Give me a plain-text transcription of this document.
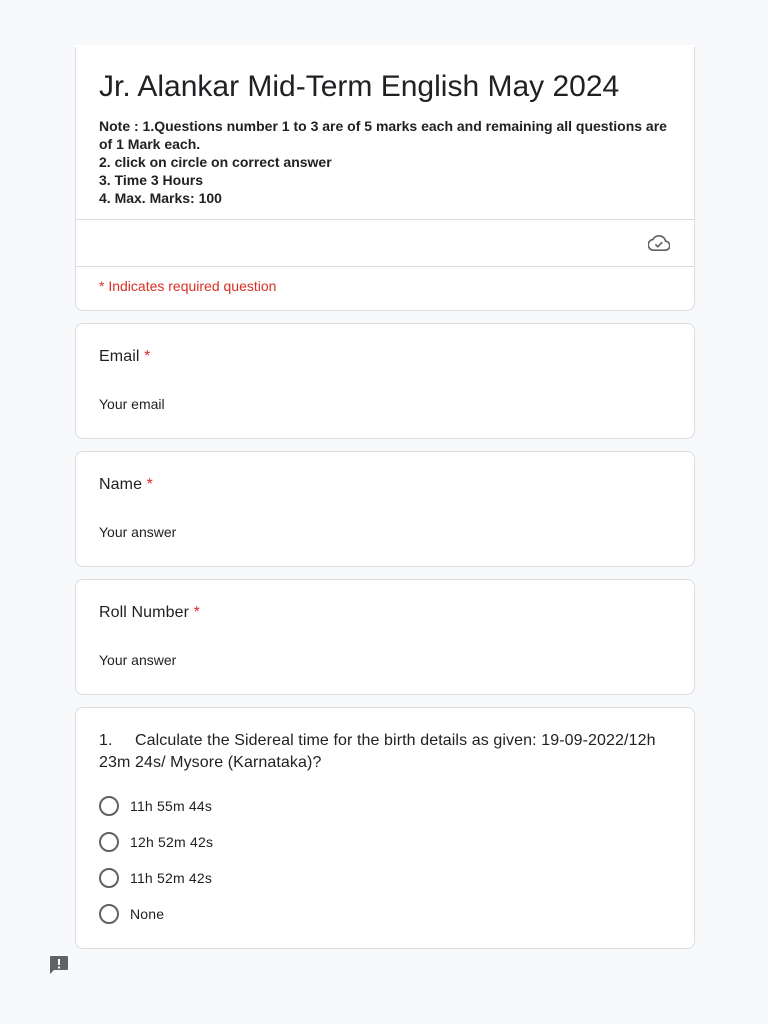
Jr. Alankar Mid-Term English May 2024
Note : 1.Questions number 1 to 3 are of 5 marks each and remaining all questions are of 1 Mark each.
2. click on circle on correct answer
3. Time 3 Hours
4. Max. Marks: 100
* Indicates required question
Email *
Your email
Name *
Your answer
Roll Number *
Your answer
1. Calculate the Sidereal time for the birth details as given: 19-09-2022/12h 23m 24s/ Mysore (Karnataka)?
11h 55m 44s
12h 52m 42s
11h 52m 42s
None
